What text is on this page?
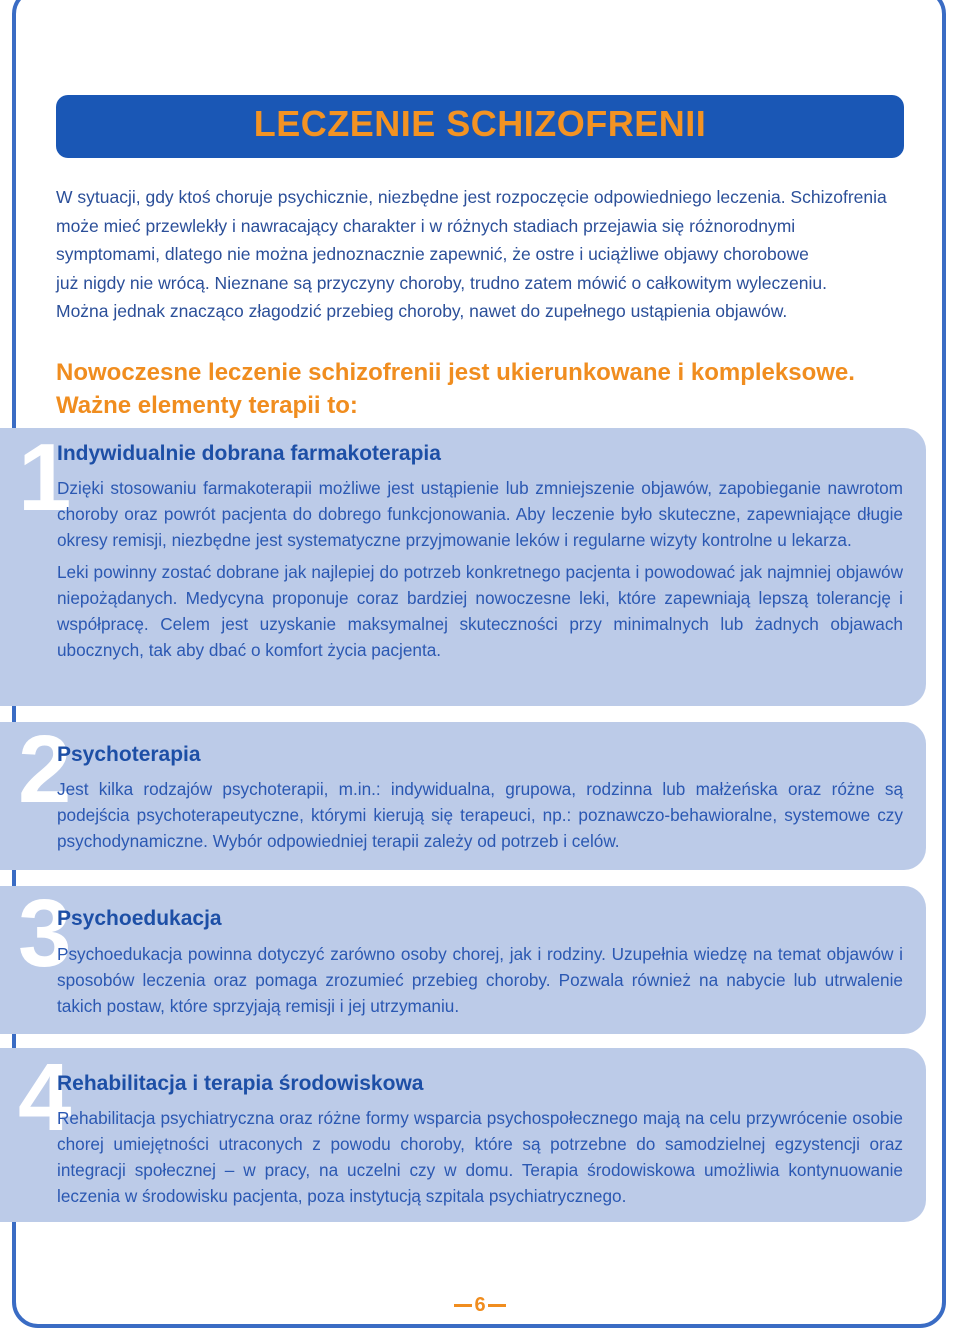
LECZENIE SCHIZOFRENII
W sytuacji, gdy ktoś choruje psychicznie, niezbędne jest rozpoczęcie odpowiedniego leczenia. Schizofrenia
może mieć przewlekły i nawracający charakter i w różnych stadiach przejawia się różnorodnymi
symptomami, dlatego nie można jednoznacznie zapewnić, że ostre i uciążliwe objawy chorobowe
już nigdy nie wrócą. Nieznane są przyczyny choroby, trudno zatem mówić o całkowitym wyleczeniu.
Można jednak znacząco złagodzić przebieg choroby, nawet do zupełnego ustąpienia objawów.
Nowoczesne leczenie schizofrenii jest ukierunkowane i kompleksowe.
Ważne elementy terapii to:
1
Indywidualnie dobrana farmakoterapia

Dzięki stosowaniu farmakoterapii możliwe jest ustąpienie lub zmniejszenie objawów, zapobieganie nawrotom choroby oraz powrót pacjenta do dobrego funkcjonowania. Aby leczenie było skuteczne, zapewniające długie okresy remisji, niezbędne jest systematyczne przyjmowanie leków i regularne wizyty kontrolne u lekarza.

Leki powinny zostać dobrane jak najlepiej do potrzeb konkretnego pacjenta i powodować jak najmniej objawów niepożądanych. Medycyna proponuje coraz bardziej nowoczesne leki, które zapewniają lepszą tolerancję i współpracę. Celem jest uzyskanie maksymalnej skuteczności przy minimalnych lub żadnych objawach ubocznych, tak aby dbać o komfort życia pacjenta.

2
Psychoterapia

Jest kilka rodzajów psychoterapii, m.in.: indywidualna, grupowa, rodzinna lub małżeńska oraz różne są podejścia psychoterapeutyczne, którymi kierują się terapeuci, np.: poznawczo-behawioralne, systemowe czy psychodynamiczne. Wybór odpowiedniej terapii zależy od potrzeb i celów.

3
Psychoedukacja

Psychoedukacja powinna dotyczyć zarówno osoby chorej, jak i rodziny. Uzupełnia wiedzę na temat objawów i sposobów leczenia oraz pomaga zrozumieć przebieg choroby. Pozwala również na nabycie lub utrwalenie takich postaw, które sprzyjają remisji i jej utrzymaniu.

4
Rehabilitacja i terapia środowiskowa

Rehabilitacja psychiatryczna oraz różne formy wsparcia psychospołecznego mają na celu przywrócenie osobie chorej umiejętności utraconych z powodu choroby, które są potrzebne do samodzielnej egzystencji oraz integracji społecznej – w pracy, na uczelni czy w domu. Terapia środowiskowa umożliwia kontynuowanie leczenia w środowisku pacjenta, poza instytucją szpitala psychiatrycznego.

6
